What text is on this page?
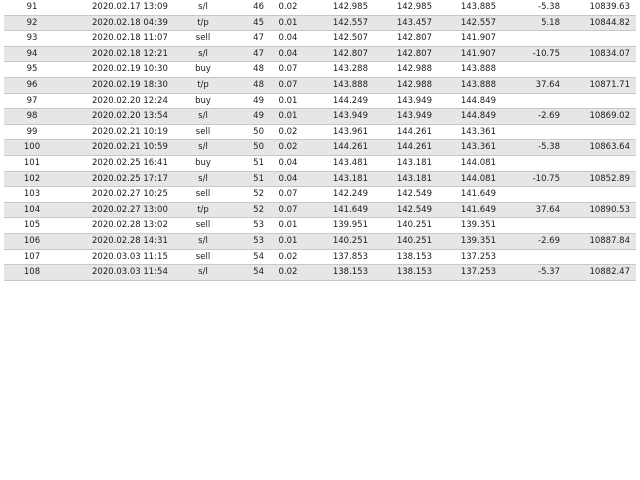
91	2020.02.17 13:09	s/l	46	0.02	142.985	142.985	143.885	-5.38	10839.63
92	2020.02.18 04:39	t/p	45	0.01	142.557	143.457	142.557	5.18	10844.82
93	2020.02.18 11:07	sell	47	0.04	142.507	142.807	141.907
94	2020.02.18 12:21	s/l	47	0.04	142.807	142.807	141.907	-10.75	10834.07
95	2020.02.19 10:30	buy	48	0.07	143.288	142.988	143.888
96	2020.02.19 18:30	t/p	48	0.07	143.888	142.988	143.888	37.64	10871.71
97	2020.02.20 12:24	buy	49	0.01	144.249	143.949	144.849
98	2020.02.20 13:54	s/l	49	0.01	143.949	143.949	144.849	-2.69	10869.02
99	2020.02.21 10:19	sell	50	0.02	143.961	144.261	143.361
100	2020.02.21 10:59	s/l	50	0.02	144.261	144.261	143.361	-5.38	10863.64
101	2020.02.25 16:41	buy	51	0.04	143.481	143.181	144.081
102	2020.02.25 17:17	s/l	51	0.04	143.181	143.181	144.081	-10.75	10852.89
103	2020.02.27 10:25	sell	52	0.07	142.249	142.549	141.649
104	2020.02.27 13:00	t/p	52	0.07	141.649	142.549	141.649	37.64	10890.53
105	2020.02.28 13:02	sell	53	0.01	139.951	140.251	139.351
106	2020.02.28 14:31	s/l	53	0.01	140.251	140.251	139.351	-2.69	10887.84
107	2020.03.03 11:15	sell	54	0.02	137.853	138.153	137.253
108	2020.03.03 11:54	s/l	54	0.02	138.153	138.153	137.253	-5.37	10882.47
